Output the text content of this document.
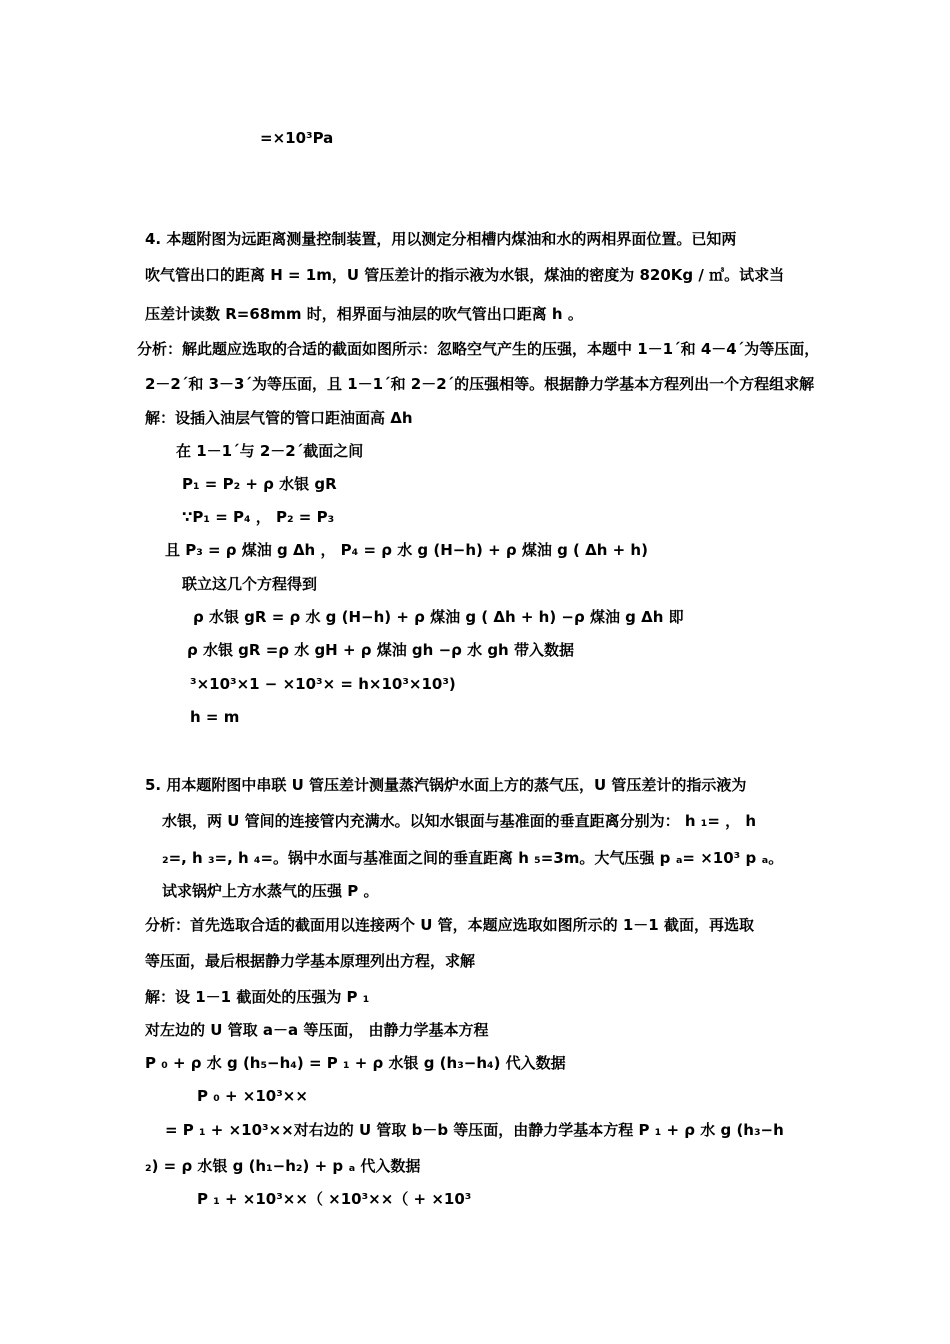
=×10³Pa
4. 本题附图为远距离测量控制装置，用以测定分相槽内煤油和水的两相界面位置。已知两
吹气管出口的距离 H = 1m，U 管压差计的指示液为水银，煤油的密度为 820Kg / ㎥。试求当
压差计读数 R=68mm 时，相界面与油层的吹气管出口距离 h 。
分析：解此题应选取的合适的截面如图所示：忽略空气产生的压强，本题中 1－1´和 4－4´为等压面，
2－2´和 3－3´为等压面，且 1－1´和 2－2´的压强相等。根据静力学基本方程列出一个方程组求解
解：设插入油层气管的管口距油面高 Δh
在 1－1´与 2－2´截面之间
P₁ = P₂ + ρ 水银 gR
∵P₁ = P₄ ， P₂ = P₃
且 P₃ = ρ 煤油 g Δh ， P₄ = ρ 水 g (H−h) + ρ 煤油 g ( Δh + h)
联立这几个方程得到
ρ 水银 gR = ρ 水 g (H−h) + ρ 煤油 g ( Δh + h) −ρ 煤油 g Δh 即
ρ 水银 gR =ρ 水 gH + ρ 煤油 gh −ρ 水 gh 带入数据
³×10³×1 − ×10³× = h×10³×10³)
h = m
5. 用本题附图中串联 U 管压差计测量蒸汽锅炉水面上方的蒸气压，U 管压差计的指示液为
水银，两 U 管间的连接管内充满水。以知水银面与基准面的垂直距离分别为： h ₁= ， h
₂=, h ₃=, h ₄=。锅中水面与基准面之间的垂直距离 h ₅=3m。大气压强 p ₐ= ×10³ p ₐ。
试求锅炉上方水蒸气的压强 P 。
分析：首先选取合适的截面用以连接两个 U 管，本题应选取如图所示的 1－1 截面，再选取
等压面，最后根据静力学基本原理列出方程，求解
解：设 1－1 截面处的压强为 P ₁
对左边的 U 管取 a－a 等压面， 由静力学基本方程
P ₀ + ρ 水 g (h₅−h₄) = P ₁ + ρ 水银 g (h₃−h₄) 代入数据
P ₀ + ×10³××
= P ₁ + ×10³××对右边的 U 管取 b－b 等压面，由静力学基本方程 P ₁ + ρ 水 g (h₃−h
₂) = ρ 水银 g (h₁−h₂) + p ₐ 代入数据
P ₁ + ×10³××（ ×10³××（ + ×10³
